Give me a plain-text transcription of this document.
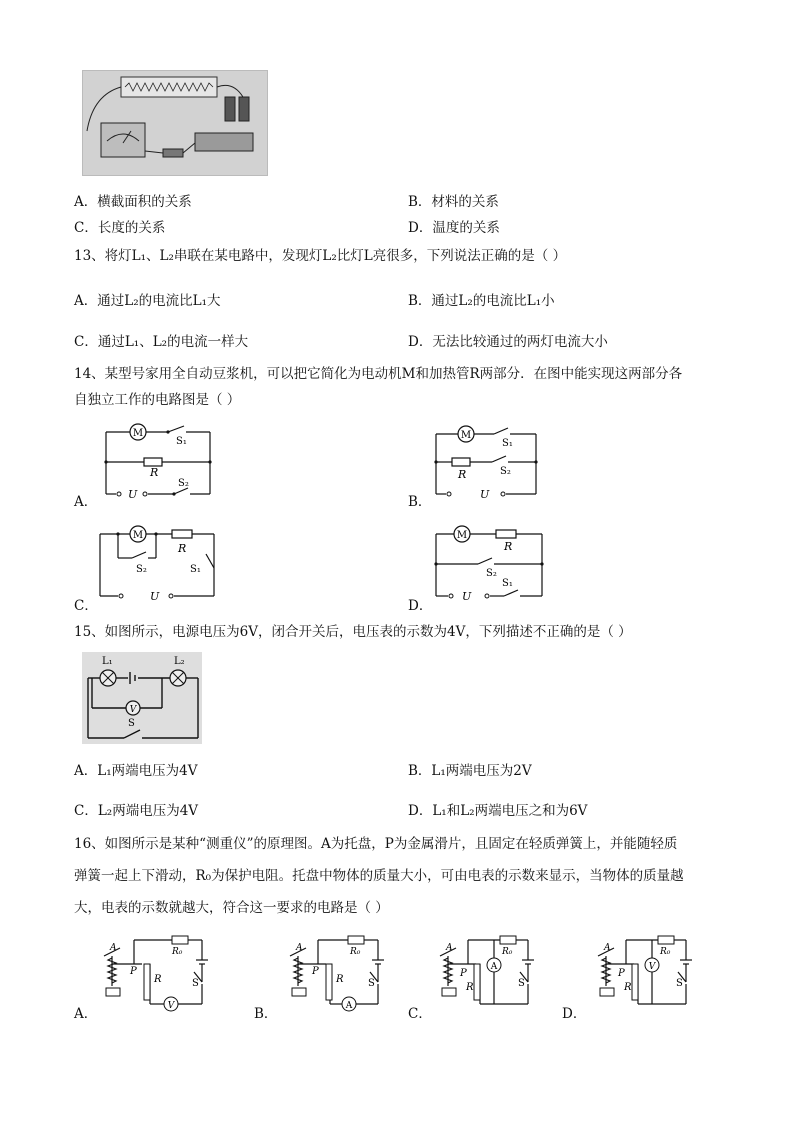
A．横截面积的关系	B．材料的关系
C．长度的关系	D．温度的关系
13、将灯L₁、L₂串联在某电路中，发现灯L₂比灯L亮很多，下列说法正确的是（ ）
A．通过L₂的电流比L₁大	B．通过L₂的电流比L₁小
C．通过L₁、L₂的电流一样大	D．无法比较通过的两灯电流大小
14、某型号家用全自动豆浆机，可以把它简化为电动机M和加热管R两部分．在图中能实现这两部分各
自独立工作的电路图是（ ）
M
R
U
S₁
S₂
A．
M
R
U
S₁
S₂
B．
M
R
U
S₂	S₁
C．
M
R
U
S₂
S₁
D．
15、如图所示，电源电压为6V，闭合开关后，电压表的示数为4V，下列描述不正确的是（ ）
V
L₁	L₂
S
A．L₁两端电压为4V	B．L₁两端电压为2V
C．L₂两端电压为4V	D．L₁和L₂两端电压之和为6V
16、如图所示是某种“测重仪”的原理图。A为托盘，P为金属滑片，且固定在轻质弹簧上，并能随轻质
弹簧一起上下滑动，R₀为保护电阻。托盘中物体的质量大小，可由电表的示数来显示，当物体的质量越
大，电表的示数就越大，符合这一要求的电路是（ ）
V
A
P
R
R₀
S
A．	A
A
P
R
R₀
S
B．
A
A
P
R
R₀
S
C．
V
A
P
R
R₀
S
D．
